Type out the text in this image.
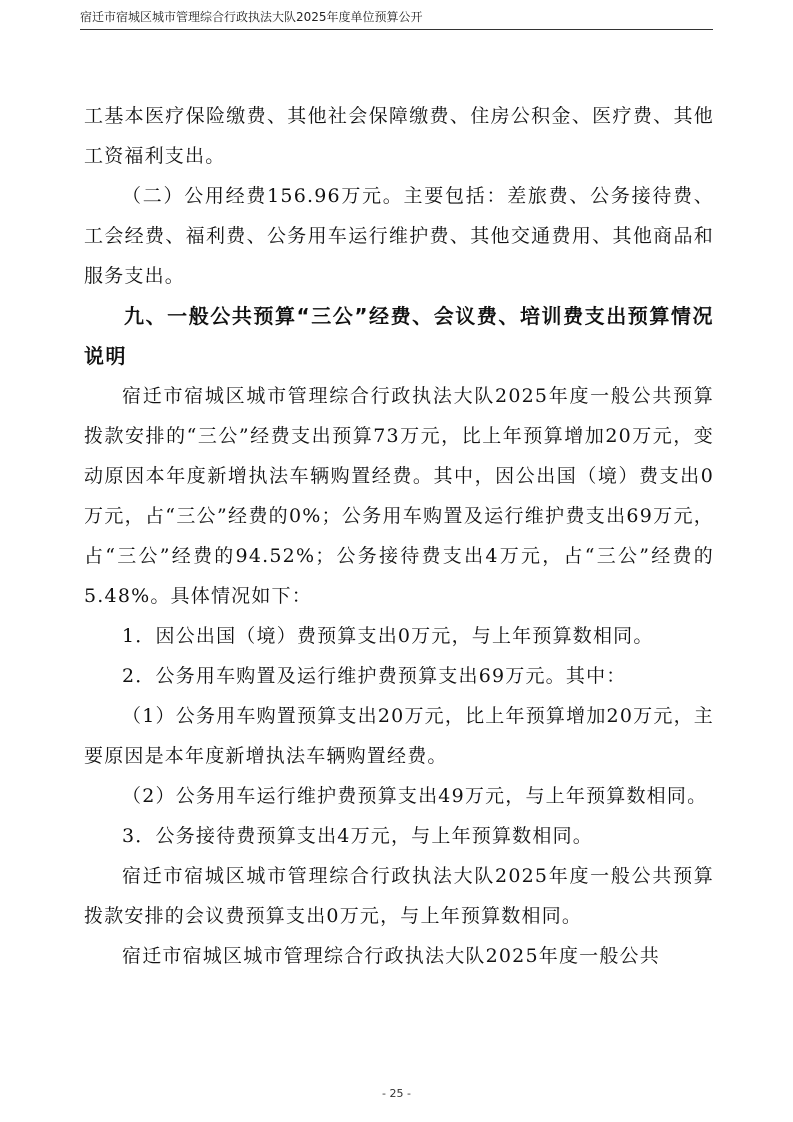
宿迁市宿城区城市管理综合行政执法大队2025年度单位预算公开

工基本医疗保险缴费、其他社会保障缴费、住房公积金、医疗费、其他工资福利支出。

（二）公用经费156.96万元。主要包括：差旅费、公务接待费、工会经费、福利费、公务用车运行维护费、其他交通费用、其他商品和服务支出。

九、一般公共预算“三公”经费、会议费、培训费支出预算情况说明

宿迁市宿城区城市管理综合行政执法大队2025年度一般公共预算拨款安排的“三公”经费支出预算73万元，比上年预算增加20万元，变动原因本年度新增执法车辆购置经费。其中，因公出国（境）费支出0万元，占“三公”经费的0%；公务用车购置及运行维护费支出69万元，占“三公”经费的94.52%；公务接待费支出4万元，占“三公”经费的5.48%。具体情况如下：

1．因公出国（境）费预算支出0万元，与上年预算数相同。

2．公务用车购置及运行维护费预算支出69万元。其中：

（1）公务用车购置预算支出20万元，比上年预算增加20万元，主要原因是本年度新增执法车辆购置经费。

（2）公务用车运行维护费预算支出49万元，与上年预算数相同。

3．公务接待费预算支出4万元，与上年预算数相同。

宿迁市宿城区城市管理综合行政执法大队2025年度一般公共预算拨款安排的会议费预算支出0万元，与上年预算数相同。

宿迁市宿城区城市管理综合行政执法大队2025年度一般公共

- 25 -
